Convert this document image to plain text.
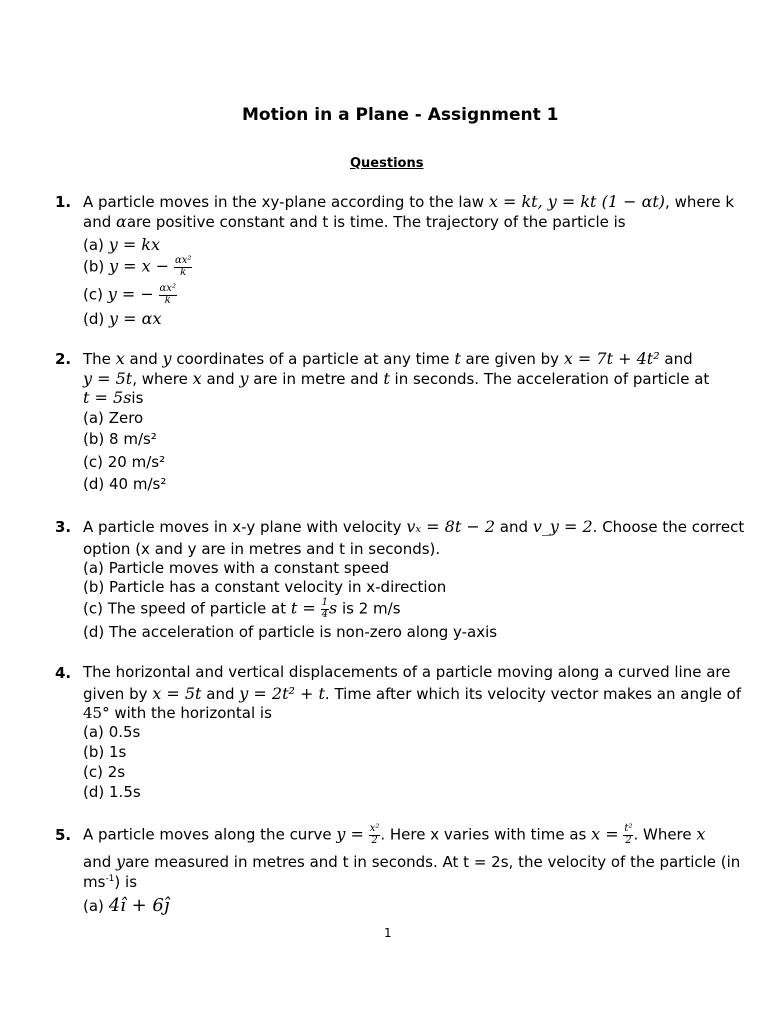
Motion in a Plane - Assignment 1
Questions
1. A particle moves in the xy-plane according to the law x = kt, y = kt (1 − αt), where k
and αare positive constant and t is time. The trajectory of the particle is
(a) y = kx
(b) $y = x - \frac{\text{αx²}}{k}$
(c) y = − $\frac{\text{αx²}}{k}$
(d) y = αx
2. The x and y coordinates of a particle at any time t are given by x = 7t + 4t² and
y = 5t, where x and y are in metre and t in seconds. The acceleration of particle at
t = 5sis
(a) Zero
(b) 8 m/s²
(c) 20 m/s²
(d) 40 m/s²
3. A particle moves in x-y plane with velocity vₓ = 8t − 2 and v_y = 2. Choose the correct
option (x and y are in metres and t in seconds).
(a) Particle moves with a constant speed
(b) Particle has a constant velocity in x-direction
(c) The speed of particle at $t = \frac{1}{4}$ s is 2 m/s
(d) The acceleration of particle is non-zero along y-axis
4. The horizontal and vertical displacements of a particle moving along a curved line are
given by x = 5t and y = 2t² + t. Time after which its velocity vector makes an angle of
45° with the horizontal is
(a) 0.5s
(b) 1s
(c) 2s
(d) 1.5s
5. A particle moves along the curve $y = \frac{\text{x²}}{2}$ . Here x varies with time as $x = \frac{\text{t²}}{2}$ . Where x
and yare measured in metres and t in seconds. At t = 2s, the velocity of the particle (in
$ms^{-1}$) is
(a) 4î + 6ĵ
1
